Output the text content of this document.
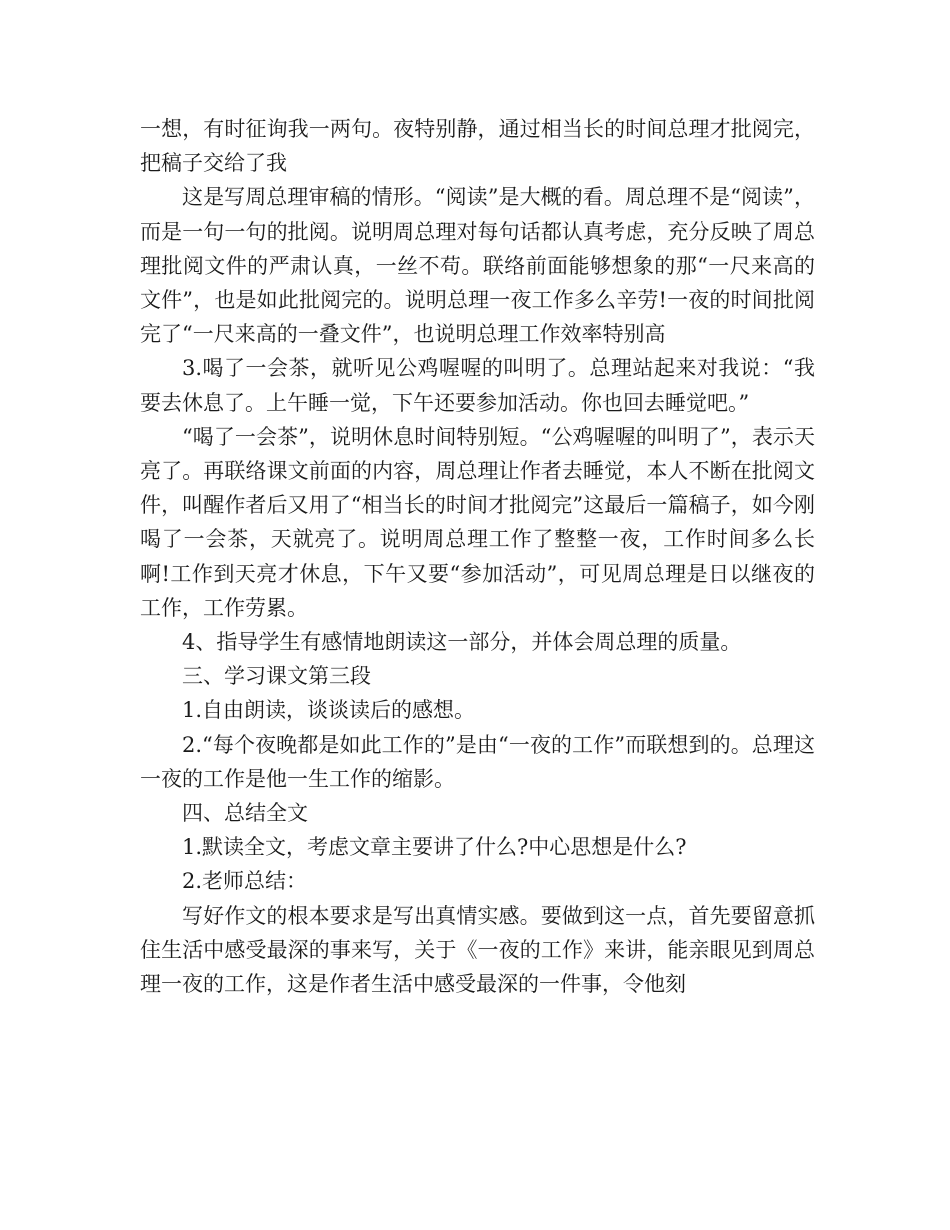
一想，有时征询我一两句。夜特别静，通过相当长的时间总理才批阅完，把稿子交给了我

这是写周总理审稿的情形。“阅读”是大概的看。周总理不是“阅读”，而是一句一句的批阅。说明周总理对每句话都认真考虑，充分反映了周总理批阅文件的严肃认真，一丝不苟。联络前面能够想象的那“一尺来高的文件”，也是如此批阅完的。说明总理一夜工作多么辛劳!一夜的时间批阅完了“一尺来高的一叠文件”，也说明总理工作效率特别高

3.喝了一会茶，就听见公鸡喔喔的叫明了。总理站起来对我说：“我要去休息了。上午睡一觉，下午还要参加活动。你也回去睡觉吧。”

“喝了一会茶”，说明休息时间特别短。“公鸡喔喔的叫明了”，表示天亮了。再联络课文前面的内容，周总理让作者去睡觉，本人不断在批阅文件，叫醒作者后又用了“相当长的时间才批阅完”这最后一篇稿子，如今刚喝了一会茶，天就亮了。说明周总理工作了整整一夜，工作时间多么长啊!工作到天亮才休息，下午又要“参加活动”，可见周总理是日以继夜的工作，工作劳累。

4、指导学生有感情地朗读这一部分，并体会周总理的质量。

三、学习课文第三段

1.自由朗读，谈谈读后的感想。

2.“每个夜晚都是如此工作的”是由“一夜的工作”而联想到的。总理这一夜的工作是他一生工作的缩影。

四、总结全文

1.默读全文，考虑文章主要讲了什么?中心思想是什么?

2.老师总结：

写好作文的根本要求是写出真情实感。要做到这一点，首先要留意抓住生活中感受最深的事来写，关于《一夜的工作》来讲，能亲眼见到周总理一夜的工作，这是作者生活中感受最深的一件事，令他刻
